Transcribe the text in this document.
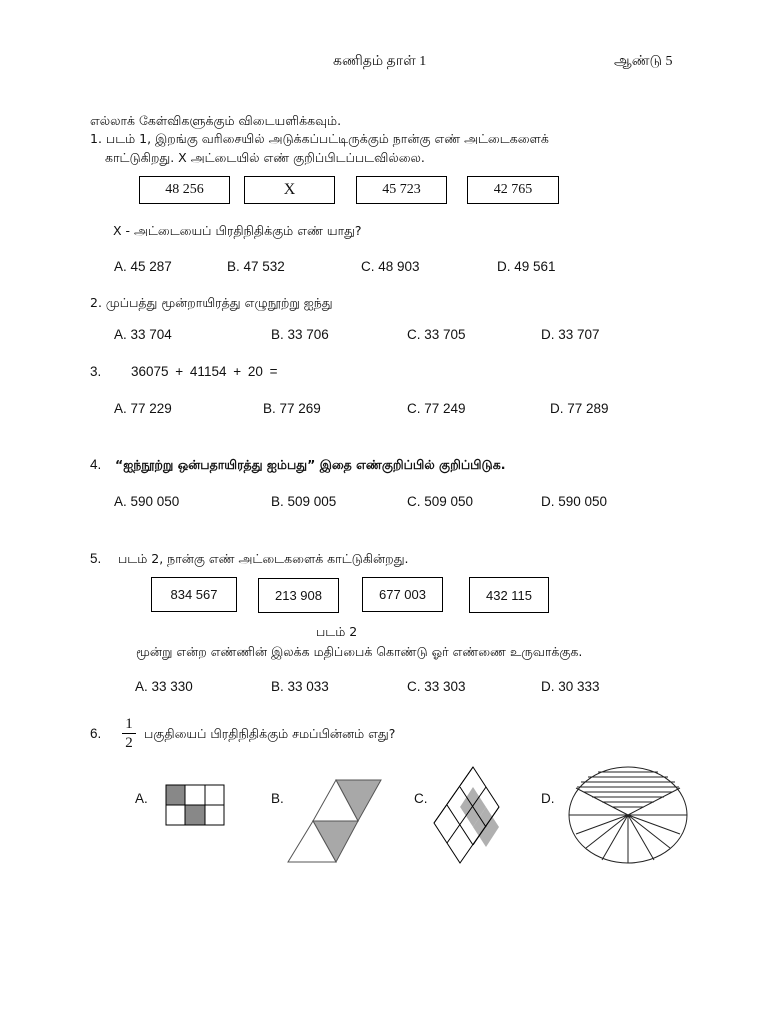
கணிதம் தாள் 1	ஆண்டு 5
எல்லாக் கேள்விகளுக்கும் விடையளிக்கவும்.
1. படம் 1, இறங்கு வரிசையில் அடுக்கப்பட்டிருக்கும் நான்கு எண் அட்டைகளைக்
காட்டுகிறது. X அட்டையில் எண் குறிப்பிடப்படவில்லை.
48 256	X	45 723	42 765
X - அட்டையைப் பிரதிநிதிக்கும் எண் யாது?
A. 45 287	B. 47 532	C. 48 903	D. 49 561
2. முப்பத்து மூன்றாயிரத்து எழுநூற்று ஐந்து
A. 33 704	B. 33 706	C. 33 705	D. 33 707
3. 36075 + 41154 + 20 =
A. 77 229	B. 77 269	C. 77 249	D. 77 289
4. “ஐந்நூற்று ஒன்பதாயிரத்து ஐம்பது” இதை எண்குறிப்பில் குறிப்பிடுக.
A. 590 050	B. 509 005	C. 509 050	D. 590 050
5. படம் 2, நான்கு எண் அட்டைகளைக் காட்டுகின்றது.
834 567	213 908	677 003	432 115
படம் 2
மூன்று என்ற எண்ணின் இலக்க மதிப்பைக் கொண்டு ஓர் எண்ணை உருவாக்குக.
A. 33 330	B. 33 033	C. 33 303	D. 30 333
6. $\frac{1}{2}$ பகுதியைப் பிரதிநிதிக்கும் சமப்பின்னம் எது?
A.	B.	C.	D.
